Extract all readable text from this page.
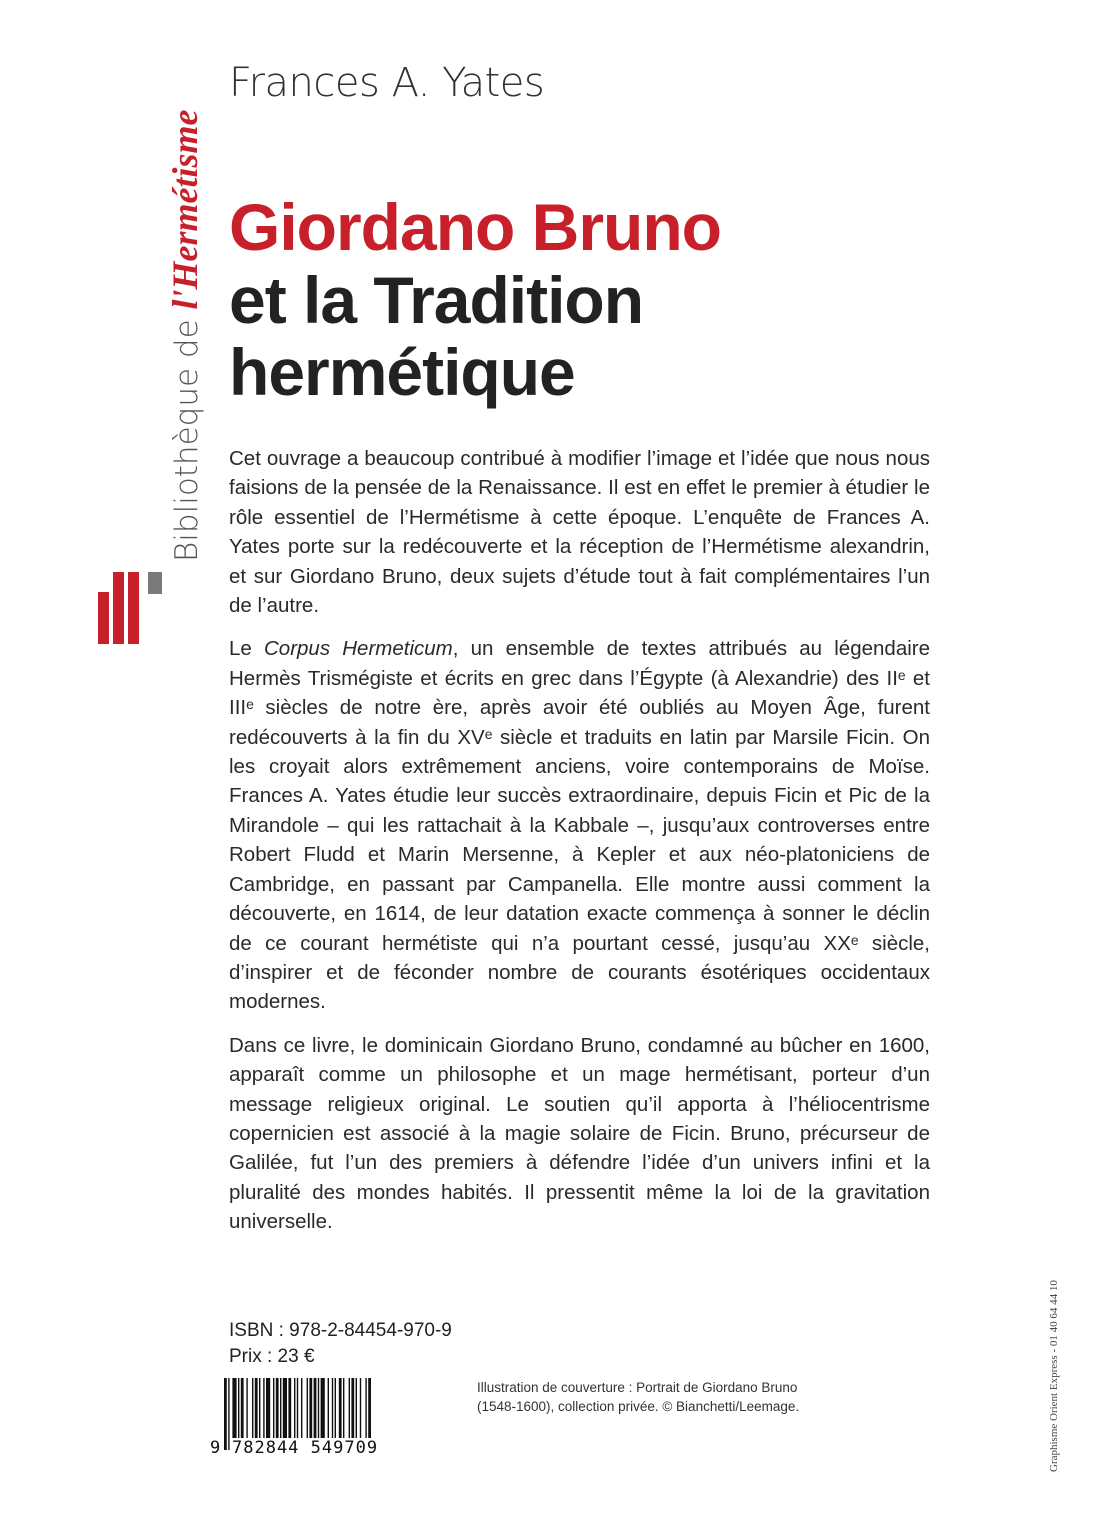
Bibliothèque de l'Hermétisme
Frances A. Yates
Giordano Bruno
et la Tradition
hermétique

Cet ouvrage a beaucoup contribué à modifier l’image et l’idée que nous nous faisions de la pensée de la Renaissance. Il est en effet le premier à étudier le rôle essentiel de l’Hermétisme à cette époque. L’enquête de Frances A. Yates porte sur la redécouverte et la réception de l’Hermétisme alexandrin, et sur Giordano Bruno, deux sujets d’étude tout à fait complémentaires l’un de l’autre.

Le Corpus Hermeticum, un ensemble de textes attribués au légendaire Hermès Trismégiste et écrits en grec dans l’Égypte (à Alexandrie) des IIᵉ et IIIᵉ siècles de notre ère, après avoir été oubliés au Moyen Âge, furent redécouverts à la fin du XVᵉ siècle et traduits en latin par Marsile Ficin. On les croyait alors extrêmement anciens, voire contemporains de Moïse. Frances A. Yates étudie leur succès extraordinaire, depuis Ficin et Pic de la Mirandole – qui les rattachait à la Kabbale –, jusqu’aux controverses entre Robert Fludd et Marin Mersenne, à Kepler et aux néo-platoniciens de Cambridge, en passant par Campanella. Elle montre aussi comment la découverte, en 1614, de leur datation exacte commença à sonner le déclin de ce courant hermétiste qui n’a pourtant cessé, jusqu’au XXᵉ siècle, d’inspirer et de féconder nombre de courants ésotériques occidentaux modernes.

Dans ce livre, le dominicain Giordano Bruno, condamné au bûcher en 1600, apparaît comme un philosophe et un mage hermétisant, porteur d’un message religieux original. Le soutien qu’il apporta à l’héliocentrisme copernicien est associé à la magie solaire de Ficin. Bruno, précurseur de Galilée, fut l’un des premiers à défendre l’idée d’un univers infini et la pluralité des mondes habités. Il pressentit même la loi de la gravitation universelle.

ISBN : 978-2-84454-970-9
Prix : 23 €
9 782844 549709
Illustration de couverture : Portrait de Giordano Bruno
(1548-1600), collection privée. © Bianchetti/Leemage.	Graphisme Orient Express - 01 40 64 44 10
